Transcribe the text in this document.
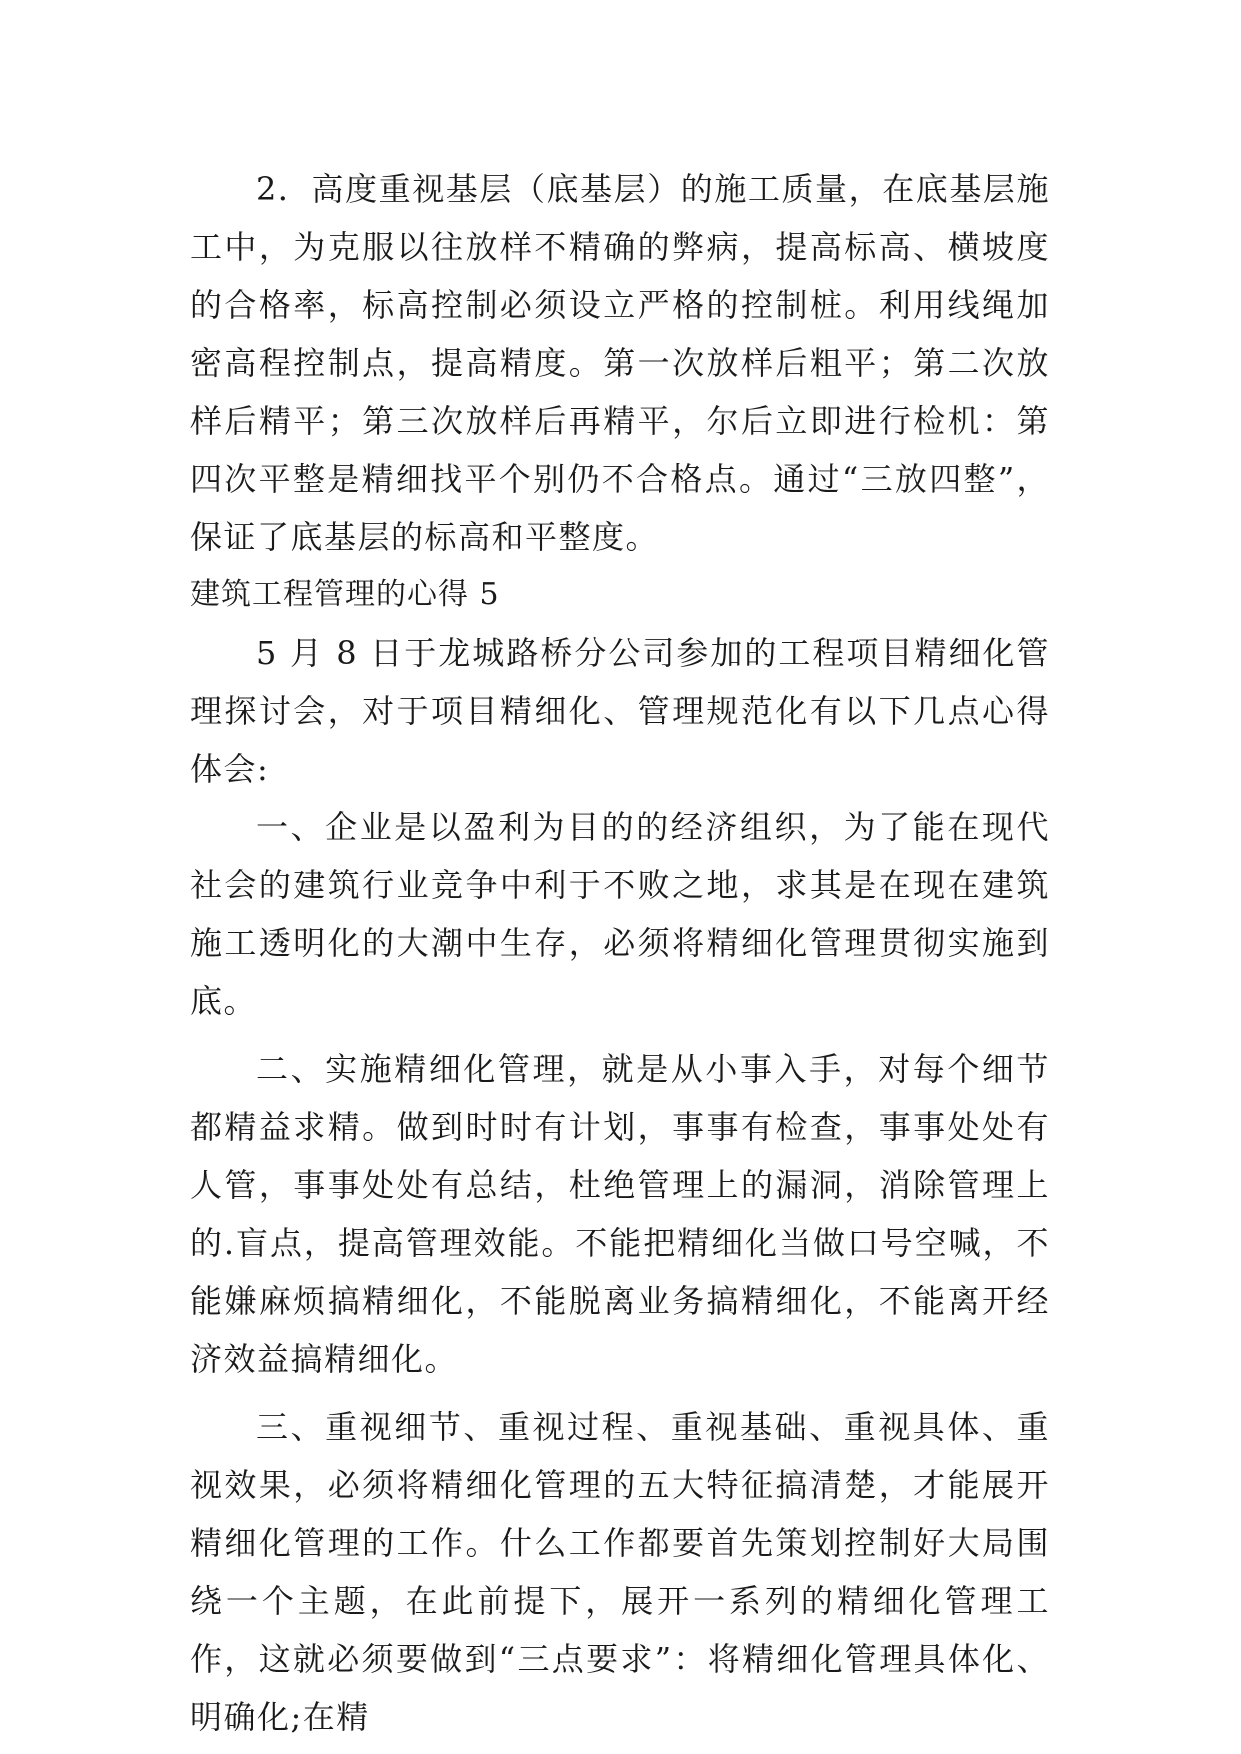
2．高度重视基层（底基层）的施工质量，在底基层施工中，为克服以往放样不精确的弊病，提高标高、横坡度的合格率，标高控制必须设立严格的控制桩。利用线绳加密高程控制点，提高精度。第一次放样后粗平；第二次放样后精平；第三次放样后再精平，尔后立即进行检机：第四次平整是精细找平个别仍不合格点。通过“三放四整”，保证了底基层的标高和平整度。

建筑工程管理的心得 5

5 月 8 日于龙城路桥分公司参加的工程项目精细化管理探讨会，对于项目精细化、管理规范化有以下几点心得体会:

一、企业是以盈利为目的的经济组织，为了能在现代社会的建筑行业竞争中利于不败之地，求其是在现在建筑施工透明化的大潮中生存，必须将精细化管理贯彻实施到底。

二、实施精细化管理，就是从小事入手，对每个细节都精益求精。做到时时有计划，事事有检查，事事处处有人管，事事处处有总结，杜绝管理上的漏洞，消除管理上的.盲点，提高管理效能。不能把精细化当做口号空喊，不能嫌麻烦搞精细化，不能脱离业务搞精细化，不能离开经济效益搞精细化。

三、重视细节、重视过程、重视基础、重视具体、重视效果，必须将精细化管理的五大特征搞清楚，才能展开精细化管理的工作。什么工作都要首先策划控制好大局围绕一个主题，在此前提下，展开一系列的精细化管理工作，这就必须要做到“三点要求”：将精细化管理具体化、明确化;在精
